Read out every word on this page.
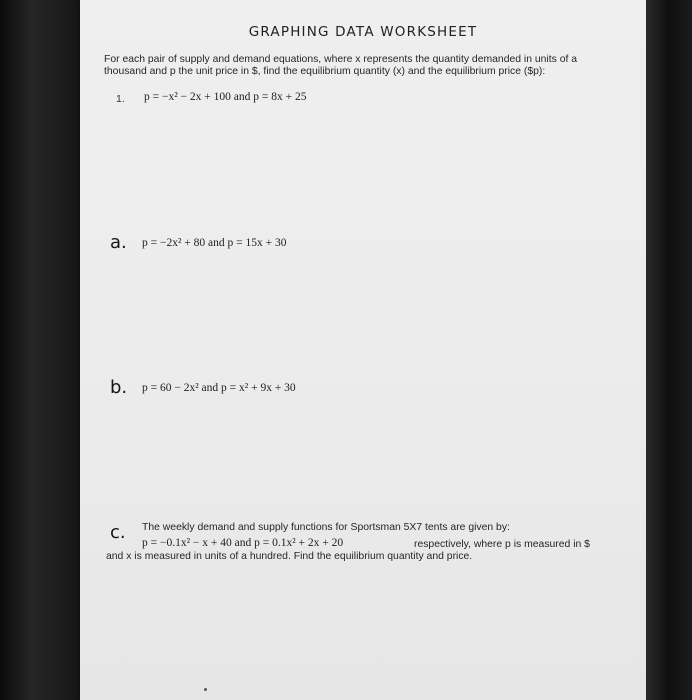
GRAPHING DATA WORKSHEET
For each pair of supply and demand equations, where x represents the quantity demanded in units of a thousand and p the unit price in $, find the equilibrium quantity (x) and the equilibrium price ($p):
1. p = −x² − 2x + 100 and p = 8x + 25
a. p = −2x² + 80 and p = 15x + 30
b. p = 60 − 2x² and p = x² + 9x + 30
c. The weekly demand and supply functions for Sportsman 5X7 tents are given by:
p = −0.1x² − x + 40 and p = 0.1x² + 2x + 20	respectively, where p is measured in $
and x is measured in units of a hundred. Find the equilibrium quantity and price.
